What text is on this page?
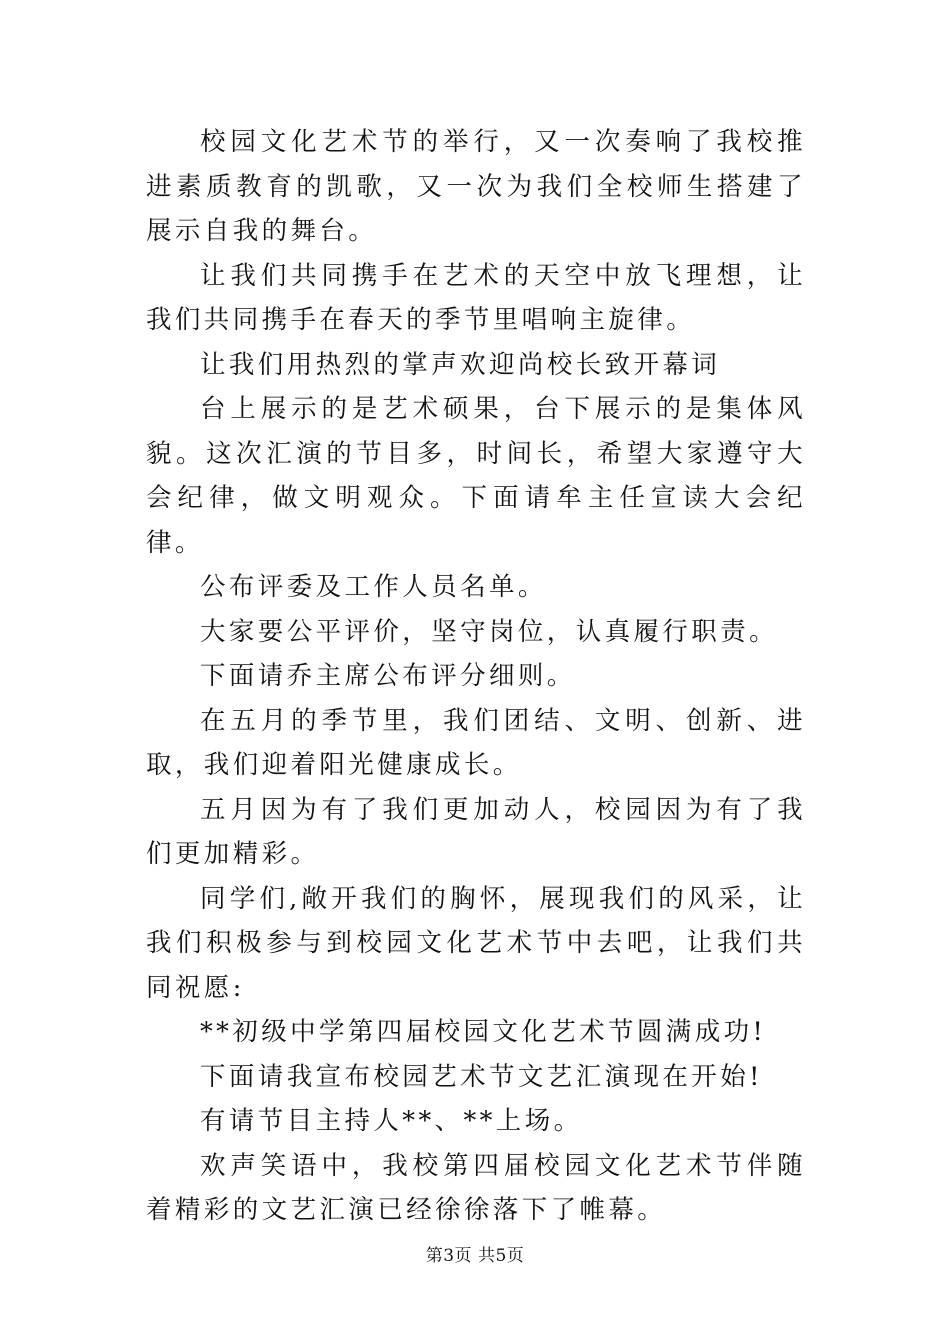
校园文化艺术节的举行，又一次奏响了我校推进素质教育的凯歌，又一次为我们全校师生搭建了展示自我的舞台。

让我们共同携手在艺术的天空中放飞理想，让我们共同携手在春天的季节里唱响主旋律。

让我们用热烈的掌声欢迎尚校长致开幕词

台上展示的是艺术硕果，台下展示的是集体风貌。这次汇演的节目多，时间长，希望大家遵守大会纪律，做文明观众。下面请牟主任宣读大会纪律。

公布评委及工作人员名单。

大家要公平评价，坚守岗位，认真履行职责。

下面请乔主席公布评分细则。

在五月的季节里，我们团结、文明、创新、进取，我们迎着阳光健康成长。

五月因为有了我们更加动人，校园因为有了我们更加精彩。

同学们,敞开我们的胸怀，展现我们的风采，让我们积极参与到校园文化艺术节中去吧，让我们共同祝愿:

**初级中学第四届校园文化艺术节圆满成功!

下面请我宣布校园艺术节文艺汇演现在开始!

有请节目主持人**、**上场。

欢声笑语中，我校第四届校园文化艺术节伴随着精彩的文艺汇演已经徐徐落下了帷幕。

第3页 共5页
